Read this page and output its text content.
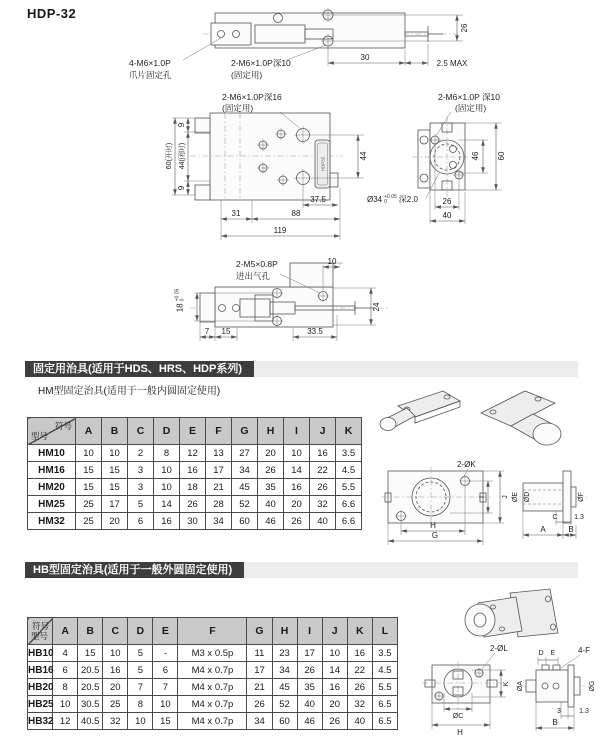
HDP-32
26
30
2.5 MAX
4-M6×1.0P
爪片固定孔
2-M6×1.0P深10
(固定用)
HDP32
9
44(闭时)
9
60(开时)
31	88
119
37.5
44
2-M6×1.0P深16
(固定用)
46 60
26
40
2-M6×1.0P 深10
(固定用)
Ø34 +0.05
0	深2.0
10
24
7 15	33.5
2-M5×0.8P
进出气孔
18
+0.05
0
固定用治具(适用于HDS、HRS、HDP系列)
HM型固定治具(适用于一般内圆固定使用)
符号
型号	A	B	C	D	E	F	G	H	I	J	K
HM10	10	10	2	8	12	13	27	20	10	16	3.5
HM16	15	15	3	10	16	17	34	26	14	22	4.5
HM20	15	15	3	10	18	21	45	35	16	26	5.5
HM25	25	17	5	14	26	28	52	40	20	32	6.6
HM32	25	20	6	16	30	34	60	46	26	40	6.6
2-ØK
H
G
I J ØE ØD	ØF
C 1.3
A	B
HB型固定治具(适用于一般外圆固定使用)
符号
型号	A	B	C	D	E	F	G	H	I	J	K	L
HB10	4	15	10	5	-	M3 x 0.5p	11	23	17	10	16	3.5
HB16	6	20.5	16	5	6	M4 x 0.7p	17	34	26	14	22	4.5
HB20	8	20.5	20	7	7	M4 x 0.7p	21	45	35	16	26	5.5
HB25	10	30.5	25	8	10	M4 x 0.7p	26	52	40	20	32	6.5
HB32	12	40.5	32	10	15	M4 x 0.7p	34	60	46	26	40	6.5
2-ØL
K
ØC
H
D E	4-F
ØA	ØG
3	1.3
B
